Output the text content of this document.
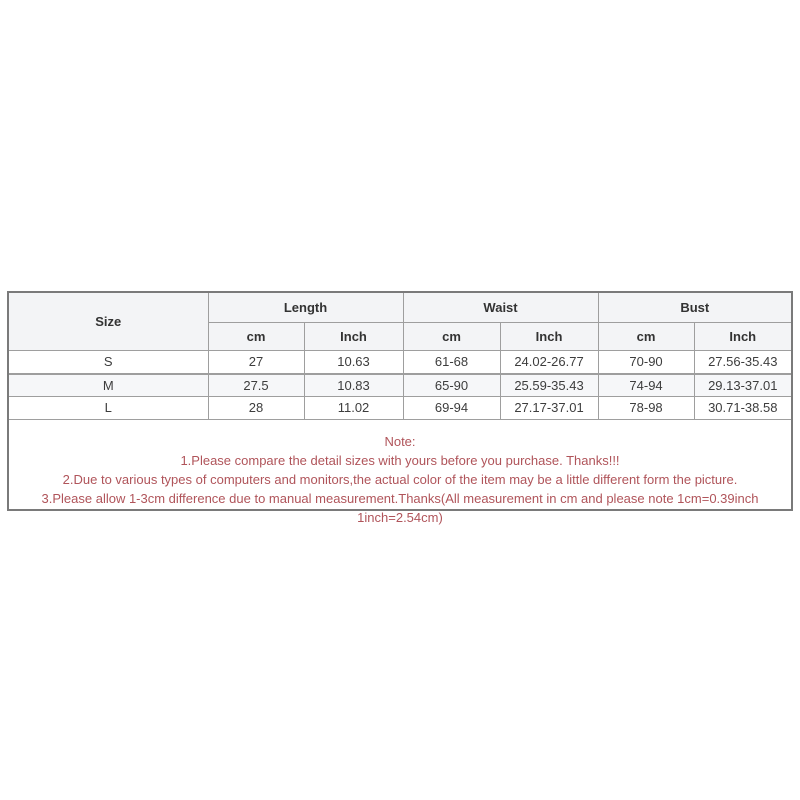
Size	Length		Waist		Bust	
	cm	Inch	cm	Inch	cm	Inch
S	27	10.63	61-68	24.02-26.77	70-90	27.56-35.43
M	27.5	10.83	65-90	25.59-35.43	74-94	29.13-37.01
L	28	11.02	69-94	27.17-37.01	78-98	30.71-38.58
Note:
1.Please compare the detail sizes with yours before you purchase. Thanks!!!
2.Due to various types of computers and monitors,the actual color of the item may be a little different form the picture.
3.Please allow 1-3cm difference due to manual measurement.Thanks(All measurement in cm and please note 1cm=0.39inch 1inch=2.54cm)
